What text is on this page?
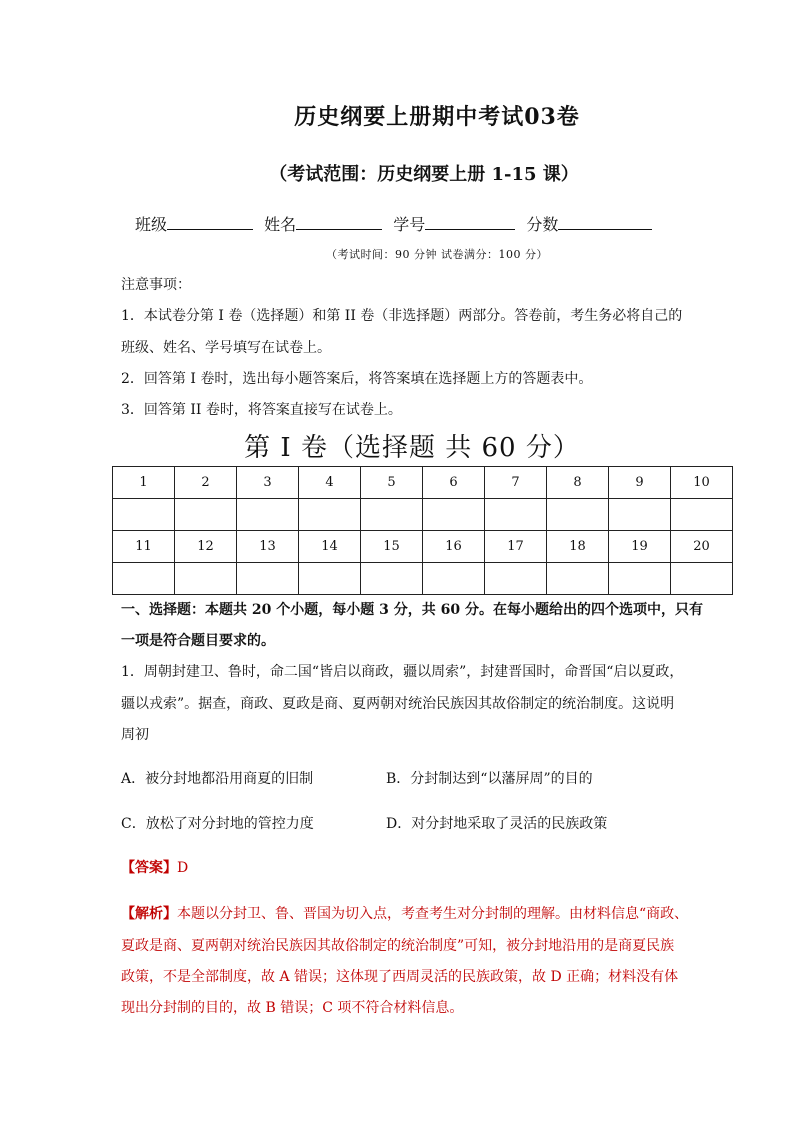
历史纲要上册期中考试03卷
（考试范围：历史纲要上册 1-15 课）
班级	姓名	学号	分数
（考试时间：90 分钟 试卷满分：100 分）
注意事项：
1．本试卷分第 I 卷（选择题）和第 II 卷（非选择题）两部分。答卷前，考生务必将自己的
班级、姓名、学号填写在试卷上。
2．回答第 I 卷时，选出每小题答案后，将答案填在选择题上方的答题表中。
3．回答第 II 卷时，将答案直接写在试卷上。
第 I 卷（选择题 共 60 分）
1	2	3	4	5	6	7	8	9	10

11	12	13	14	15	16	17	18	19	20

一、选择题：本题共 20 个小题，每小题 3 分，共 60 分。在每小题给出的四个选项中，只有
一项是符合题目要求的。
1．周朝封建卫、鲁时，命二国“皆启以商政，疆以周索”，封建晋国时，命晋国“启以夏政，
疆以戎索”。据查，商政、夏政是商、夏两朝对统治民族因其故俗制定的统治制度。这说明
周初
A．被分封地都沿用商夏的旧制	B．分封制达到“以藩屏周”的目的
C．放松了对分封地的管控力度	D．对分封地采取了灵活的民族政策
【答案】D
【解析】本题以分封卫、鲁、晋国为切入点，考查考生对分封制的理解。由材料信息“商政、
夏政是商、夏两朝对统治民族因其故俗制定的统治制度”可知，被分封地沿用的是商夏民族
政策，不是全部制度，故 A 错误；这体现了西周灵活的民族政策，故 D 正确；材料没有体
现出分封制的目的，故 B 错误；C 项不符合材料信息。
